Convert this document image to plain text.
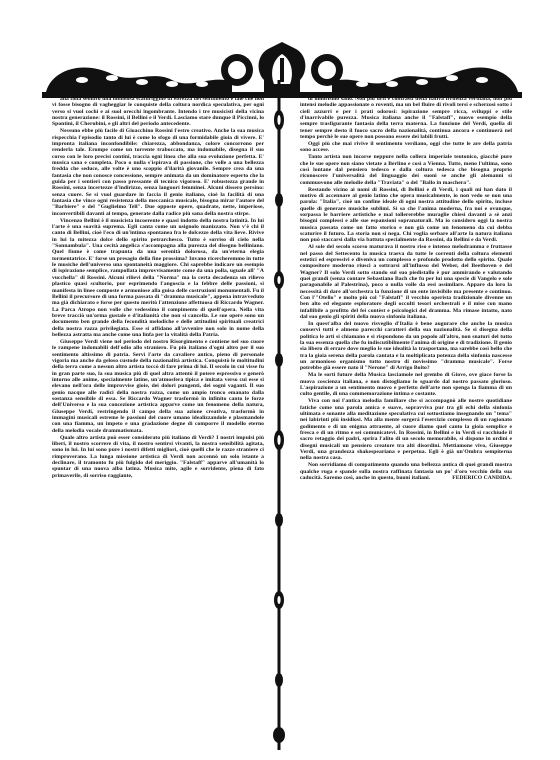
alla folla sembro una immensa scaturiggine di ebrezza del sentimento e tale che non vi fosse bisogno di vagheggiar le conquiste della coltura nordica speculativa, per ogni verso si vuol cochi e ai suol orecchi ingombrante. Intendo i tre musicisti della vicina nostra generazione: il Rossini, il Bellini e il Verdi. Lasciamo stare dunque il Piccinni, lo Spontini, il Cherubini, e gli altri del periodo antecedente.

Nessuno ebbe più facile di Gioacchino Rossini l'estro creativo. Anche la sua musica rispecchia l'episodio tanto di lui è come lo sfogo di una formidabile gioia di vivere. E' impronta italiana inconfondibile: chiarezza, abbondanza, colore concorrono per renderla tale. Erompe come un torrente traboccato, ma indomabile, disegna il suo corso con le loro precisi contini, traccia ogni linea che alla sua evoluzione perfetta. E' musica sana e completa. Poco o nulla s'ispirava di passione, che volle a una bellezza fredda che seduce, alle volte è uno scoppio d'ilarità giovanile. Sempre crea da una fantasia che non conosce concessione, sempre animata da un dominatore esperto che la guida per i sentieri con passo pressante di tecnico vigoroso. E' robustezza grande in Rossini, senza incertezze d'indirizzo, senza languori femminei. Alcuni dissero persino: senza cuore. Se si vuol guardare in faccia il genio italiano, cioè la facilità di una fantasia che vince ogni resistenza della meccanica musicale, bisogna mirar l'autore del "Barbiere" e del "Guglielmo Tell". Due opposte opere, quadrate, nette, imperiose, inconvertibili davanti al tempo, generate dalla radice più sana della nostra stirpe.

Vincenzo Bellini è il musicista incoerente e quasi indotto della nostra latinità. In lui l'arte è una soavità suprema. Egli canta come un usignolo manizzato. Non v'è chi il canto di Bellini, cioè l'eco di un'intima spontanea fra le dolcezze della vita lieve. Rivive in lui la mitezza dolce dello spirito petrarchesco. Tutto è sorriso di cielo nella "Sonnambula". Una cecità angelica s'accompagna alla purezza del disegno belliniano. Quel fiume è come trapunta da una serenità dolorosa, da un'eterna elegia tormentatrice. E' forse un presagio della fine prossima? Invano ricercheremmo in tutte le musiche dell'universo una spontaneità maggiore. Chi saprebbe indicare un esempio di ispirazione semplice, rampollata improvvisamente come da una polla, uguale all' "A vucchella" di Rossini. Alcuni rilievi della "Norma" ma la certa decadenza un rilievo plastico quasi scultorio, pur esprimendo l'angoscia e la febbre delle passioni, si manifesta in linee composte e armoniose alla guisa delle costruzioni monumentali. Fu il Bellini il precursore di una forma passata di "dramma musicale", appena intravveduto ma già dichiarato e forse per questo meritò l'attenzione affettuosa di Riccardo Wagner. La Parca Atropo non volle che vedessimo il compimento di quell'opera. Nella vita breve tracciò un'orma gustale e d'italianità che non si cancella. Le sue opere sono un documento ben grande della fecondità melodiche e delle attitudini spirituali creatrici della nostra razza privilegiata. Esse si affidano all'avvenire non solo in nome della bellezza astratta ma anche come una linfa per la vitalità della Patria.

Giuseppe Verdi viene nel periodo del nostro Risorgimento e contiene nel suo cuore le rampene indomabili dell'odio allo straniero. Fu più italiano d'ogni altro per il suo sentimento altissimo di patria. Servì l'arte da cavaliere antico, pieno di personale vigoria ma anche da geloso custode della nazionalità artistica. Conquistò le moltitudini della terra come a nessun altro artista toccò di fare prima di lui. Il secolo in cui visse fu in gran parte suo, la sua musica più di quel altra attentò il potere espressivo e generò intorno alle anime, specialmente latine, un'atmosfera tipica e imitata verso cui esse si elevano nell'ora delle improvvise gioie, dei dolori pungenti, dei sogni vaganti. Il suo genio nacque alle radici della nostra razza, come un ampio tronco emanato dalla sostanza sensibile di essa. Se Riccardo Wagner trasformò in infinito canto le forze dell'Universo e la sua concezione artistica apparve come un fenomeno della natura, Giuseppe Verdi, restringendo il campo della sua azione creativa, trasformò in immagini musicali estreme le passioni del cuore umano idealizzandole e plasmandole con una fiamma, un impeto e una gradazione degne di comporre il modello eterno della melodia vocale drammatismata.

Quale altro artista può esser considerato più italiano di Verdi? I nostri impulsi più liberi, il nostro scorrere di vita, il nostro sentirsi vivanti, la nostra sensibilità agitata, sono in lui. In lui sono pure i nostri difetti migliori, cioè quelli che le razze straniere ci rimproverano. La lunga missione artistica di Verdi non accennò un solo istante a declinare, il tramonto fu più fulgido del meriggio. "Falstaff" apparve all'umanità lo spuntar di una nuova alba latina. Musica mite, agile e sorridente, piena di fato primaverile, di sorriso raggiante,

di umorismo sano. Non più urti e contrasti della nativa irruenza verdiana, non più intensi melodie appassionate o roventi, ma un bel fluire di rivoli tersi e scherzosi sotto i cieli azzurri e per i prati odorosi: ispirazione sempre ricca, sviluppi e stile d'inarrivabile purezza. Musica italiana anche il "Falstaff", nuovo esempio della sempre trasfigurante fantasia della terra materna. La funzione del Verdi, quella di tener sempre desto il fuoco sacro della nazionalità, continua ancora e continuerà nel tempo perchè le sue opere non possono essere dei labili frutti.

Oggi più che mai rivive il sentimento verdiano, oggi che tutte le are della patria sono accese.

Tanto artista non incorse neppure nella collera imperiale teutonico, giacchè pure che le sue opere non siano vietate a Berlino e così a Vienna. Tutte, meno l'ultima, sono così lontane dal pensiero tedesco e dalla coltura tedesca che bisogna proprio riconoscere l'universalità del linguaggio dei suoni se anche gli alemanni si commuovono alle melodie della "Traviata" o del "Ballo in maschera".

Restando vicino ai nomi di Rossini, di Bellini e di Verdi, i quali mi han dato il motivo di accennare al genio latino che opera musicalmente, io non vedo se non una parola: "Italia", cioè un confine ideale di ogni nostra attitudine dello spirito, incluse quelle di generare musiche sublimi. Si sa che l'anima moderna, fra noi e ovunque, sorpassa le barriere artistiche e mal tollererebbe muraglie chiesi davanti a sè anzi bisogni complessi e alle sue espansioni sopranaturali. Ma io considero oggi la nostra musica passata come un fatto storico e non già come un fenomeno da cui debba scaturire il futuro. La storia non si nega. Chi voglia serbare all'arte la natura italiana non può staccarsi dalla via battuta specialmente da Rossini, da Bellini e da Verdi.

Al sole del secolo scorso maturava il nostro riso e intenso melodramma e fruttasse nel passo del Settecento la musica traeva da tutte le correnti della coltura elementi estetici ed espressivi e diveniva un complesso e profondo prodotto dello spirito. Quale compositore moderno riusci a sottrarsi all'influsso del Weber, del Beethoven e del Wagner? Il solo Verdi sotto stando sul suo piedistallo è pur ammirando e valutando quei grandi (senza contare Sebastiano Bach che fu per lui una specie di Vangelo e sole paragonabile al Palestrina), poco o nulla volle da essi assimilare. Appare da loro la necessità di dare all'orchestra la funzione di un ente invisibile ma presente e continuo. Con l'"Otello" e molto più col "Falstaff" il vecchio operista tradizionale divenne un ben alto ed elegante esploratore degli occulti tesori orchestrali e il mise con mano infallibile a profitto del fei contèst e psicologici del dramma. Ma rimase intatto, nato dal suo genio gli spiriti della nuova sinfonia italiana.

In quest'alba del nuovo risveglio d'Italia è bene augurare che anche la musica conservi tutti e almeno parecchi caratteri della sua nazionalità. Se si disegna della politica le arti si chiamano e si rispondono da un popolo all'altro, non snaturi del tutto la sua essenza quella che fu indiscutibilmente l'anima di origine e di tradizione. Il genio sia libero di errare dove meglio le sue idealità la trasportano, ma sarebbe così bello che tra la gioia serena della parola cantata e la moltiplicata potenza della sinfonia nascesse un armonioso organismo tutto nostro di novissimo "dramma musicale". Forse potrebbe già essere nato il "Nerone" di Arrigo Boito?

Ma le sorti future della Musica lasciamole nel grembo di Giove, ove giace forse la nuova coscienza italiana, e non distogliamo lo sguardo dal nostro passato glorioso. L'aspirazione a un sentimento nuovo e perfetto dell'arte non spenga la fiamma di un culto gentile, di una commemorazione intima e costante.

Viva con noi l'antica melodia familiare che si accompagnò alle nostre quotidiane fatiche come una parola amica e suave, sopravviva pur tra gli echi della sinfonia ultimata e sonante alla meditazione speculativa cui sottostiamo insegnando un "tema" nei labirinti più insidiosi. Ma alla mente sorgerà l'esercizio complesso di un ragionato godimento e di un enigma attraente, al cuore diamo quel canto la gioia semplice e fresca e di un ritmo e sei comunicatevi. In Rossini, in Bellini e in Verdi si racchiude il sacro retaggio dei padri, sprira l'alito di un secolo memorabile, si dispone in ordini e disegni musicali un pensiero creatore tra alti disordini. Mettiamone vivo, Giuseppe Verdi, una grandezza shakespeariana e perpetua. Egli è già un'Ombra sempiterna nella nostra casa.

Non sorridiamo di compatimento quando una bellezza antica di quei grandi mostra qualche ruga e spande sulla nostra raffinata fantasia un po' d'oro vecchio della sua caducità. Saremo così, anche in questo, buoni italiani.	FEDERICO CANDIDA.
